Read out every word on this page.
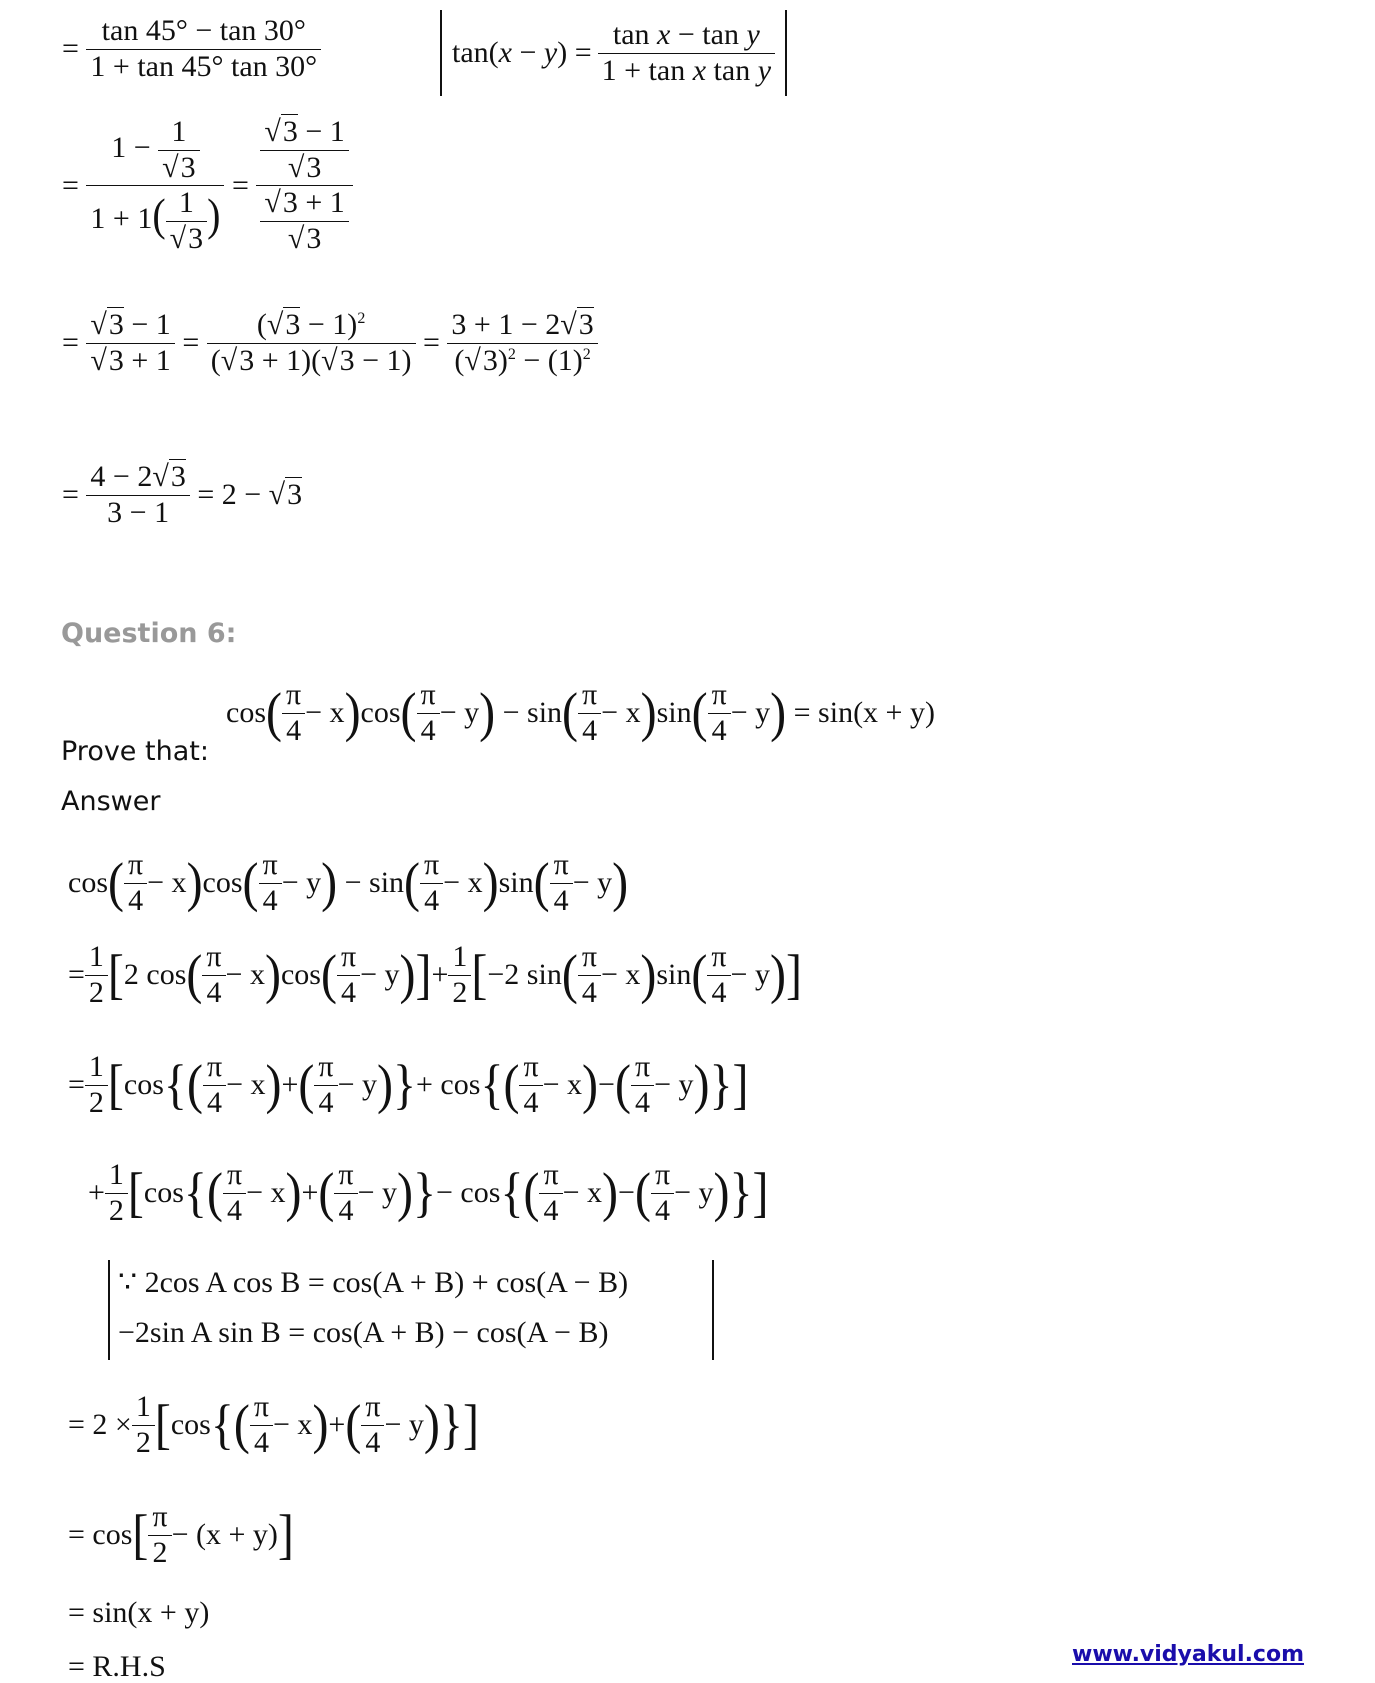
= $\frac{\tan 45^\circ - \tan 30^\circ}{1 + \tan 45^\circ \tan 30^\circ}$	$\tan(x - y) = \frac{\text{tan x − tan y}}{\text{1 + tan x tan y}}$
= $\frac{1 - \frac{1}{√3}}{1 + 1( \frac{1}{√3} )} = \frac{\frac{√3 - 1}{√3}}{\frac{√3 + 1}{√3}}$
= $\frac{√3 - 1}{√3 + 1} = \frac{(√3 - 1)^2}{(√3 + 1)(√3 - 1)} = \frac{3 + 1 - 2√3}{(√3)^2 - (1)^2}$
= $\frac{4 - 2√3}{3 - 1} = 2 - √3$
Question 6:
cos ( $\frac{\pi}{4} - x$ ) cos ( $\frac{\pi}{4} - y$ ) − sin ( $\frac{\pi}{4} - x$ ) sin ( $\frac{\pi}{4} - y$ ) = sin(x + y)
Prove that:
Answer
cos ( $\frac{\pi}{4} - x$ ) cos ( $\frac{\pi}{4} - y$ ) − sin ( $\frac{\pi}{4} - x$ ) sin ( $\frac{\pi}{4} - y$ )
= $\frac{1}{2}$ [ 2 cos ( $\frac{\pi}{4} - x$ ) cos ( $\frac{\pi}{4} - y$ ) ] + $\frac{1}{2}$ [ −2 sin ( $\frac{\pi}{4} - x$ ) sin ( $\frac{\pi}{4} - y$ ) ]
= $\frac{1}{2}$ [ cos { ( $\frac{\pi}{4} - x$ ) + ( $\frac{\pi}{4} - y$ ) } + cos { ( $\frac{\pi}{4} - x$ ) − ( $\frac{\pi}{4} - y$ ) } ]
+ $\frac{1}{2}$ [ cos { ( $\frac{\pi}{4} - x$ ) + ( $\frac{\pi}{4} - y$ ) } − cos { ( $\frac{\pi}{4} - x$ ) − ( $\frac{\pi}{4} - y$ ) } ]
∵ 2cos A cos B = cos(A + B) + cos(A − B)
−2sin A sin B = cos(A + B) − cos(A − B)
= $2 \times \frac{1}{2}$ [ cos { ( $\frac{\pi}{4} - x$ ) + ( $\frac{\pi}{4} - y$ ) } ]
= cos [ $\frac{\pi}{2} - (x + y)$ ]
= sin(x + y)
= R.H.S	www.vidyakul.com
